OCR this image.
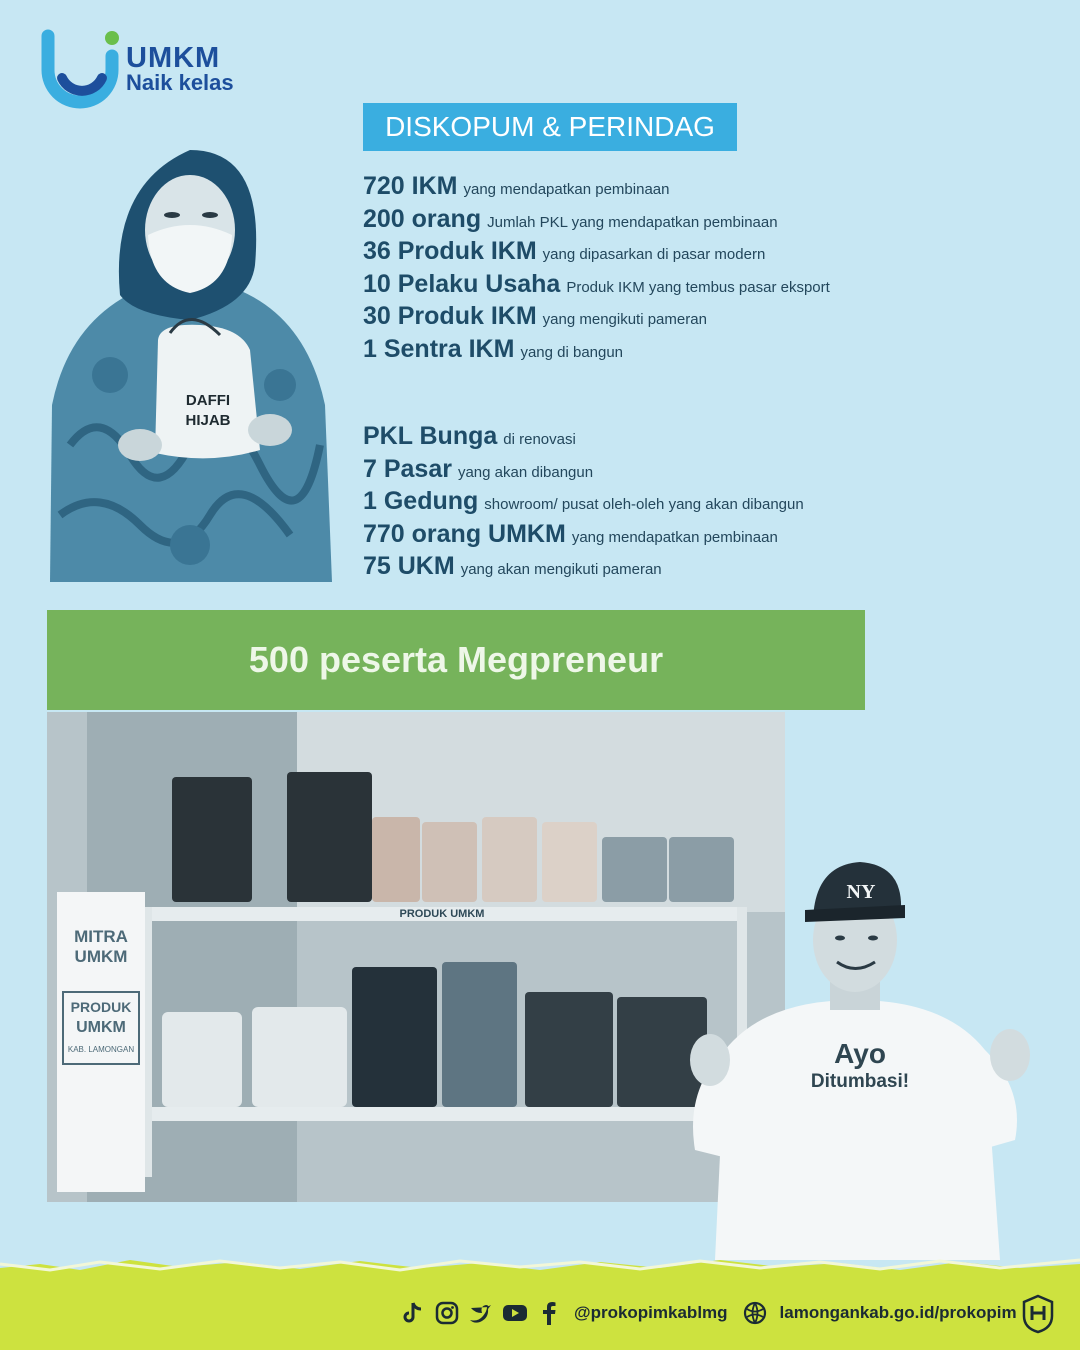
UMKM
Naik kelas
DISKOPUM & PERINDAG
720 IKM yang mendapatkan pembinaan
200 orang Jumlah PKL yang mendapatkan pembinaan
36 Produk IKM yang dipasarkan di pasar modern
10 Pelaku Usaha Produk IKM yang tembus pasar eksport
30 Produk IKM yang mengikuti pameran
1 Sentra IKM yang di bangun
PKL Bunga di renovasi
7 Pasar yang akan dibangun
1 Gedung showroom/ pusat oleh-oleh yang akan dibangun
770 orang UMKM yang mendapatkan pembinaan
75 UKM yang akan mengikuti pameran
DAFFI
HIJAB
500 peserta Megpreneur
PRODUK UMKM
MITRA
UMKM
PRODUK
UMKM
KAB. LAMONGAN
NY
Ayo
Ditumbasi!
@prokopimkablmg	lamongankab.go.id/prokopim
